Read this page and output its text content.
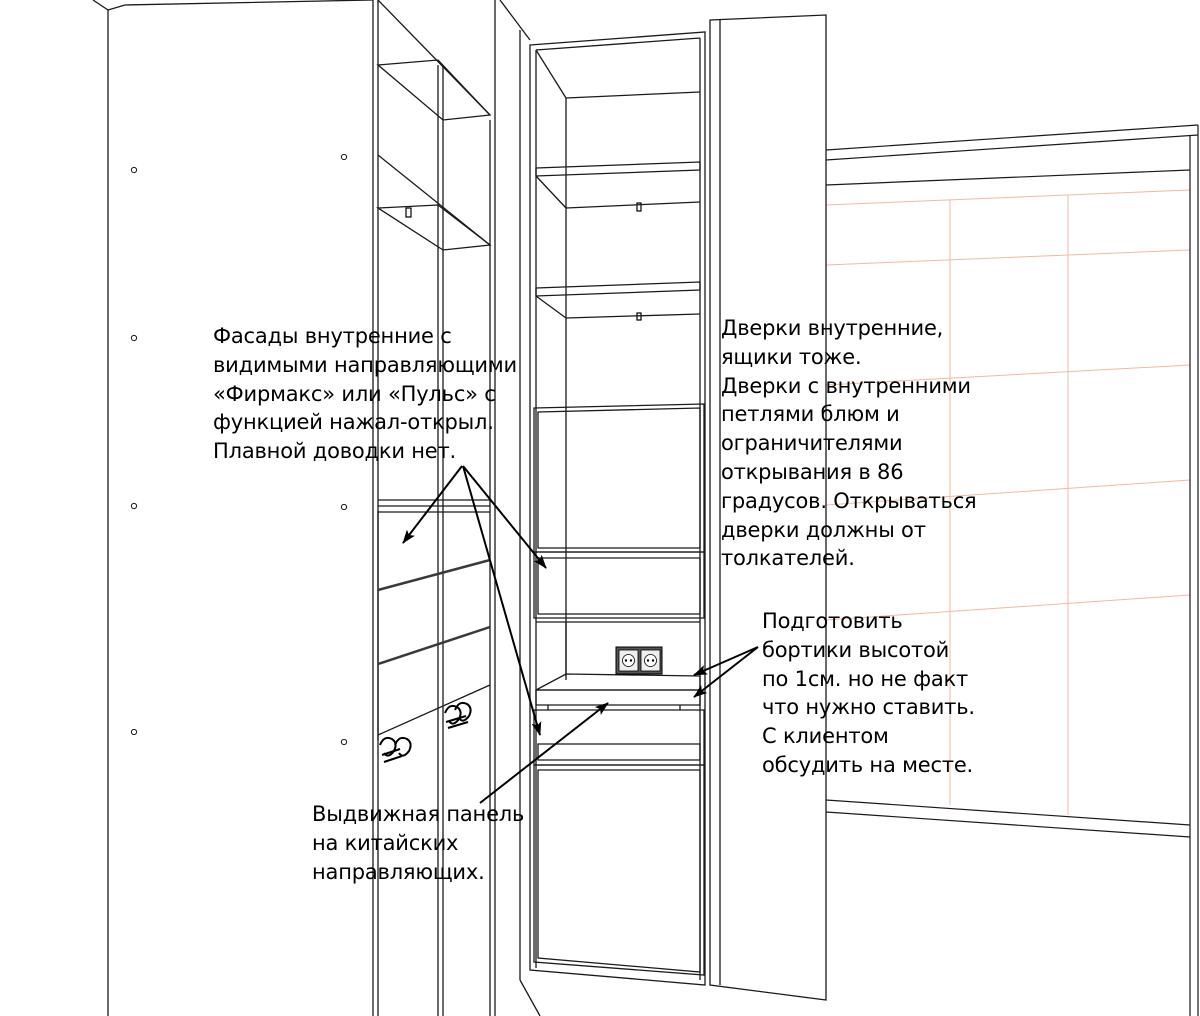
Фасады внутренние с
видимыми направляющими
«Фирмакс» или «Пульс» с
функцией нажал-открыл.
Плавной доводки нет.
Дверки внутренние,
ящики тоже.
Дверки с внутренними
петлями блюм и
ограничителями
открывания в 86
градусов. Открываться
дверки должны от
толкателей.
Подготовить
бортики высотой
по 1см. но не факт
что нужно ставить.
С клиентом
обсудить на месте.
Выдвижная панель
на китайских
направляющих.
